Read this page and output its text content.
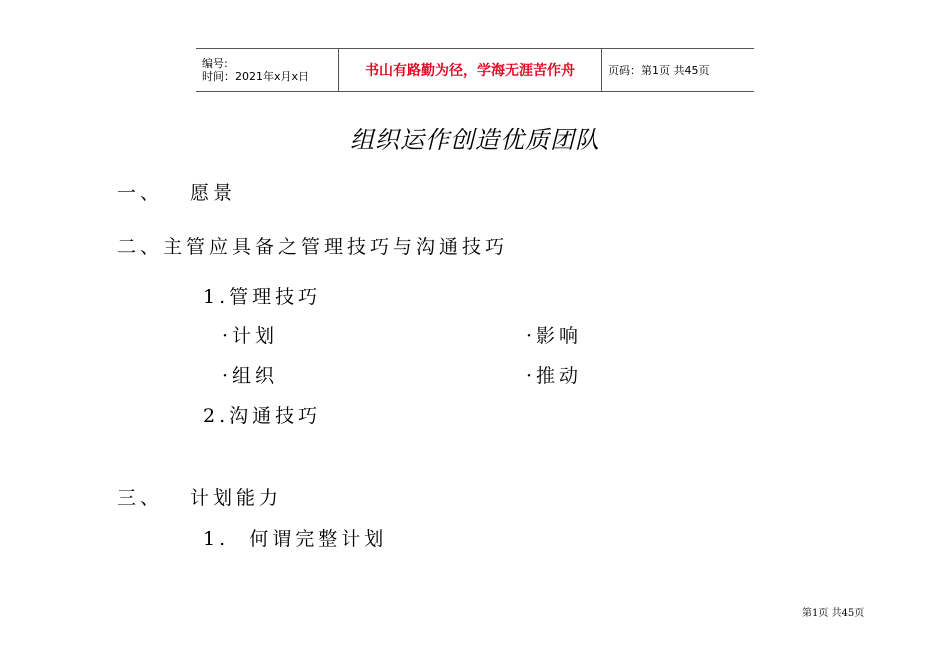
编号:
时间：2021年x月x日	书山有路勤为径，学海无涯苦作舟	页码：第1页 共45页
组织运作创造优质团队
一、 愿景
二、主管应具备之管理技巧与沟通技巧
1.管理技巧
·计划	·影响
·组织	·推动
2.沟通技巧
三、 计划能力
1.  何谓完整计划
第1页 共45页
